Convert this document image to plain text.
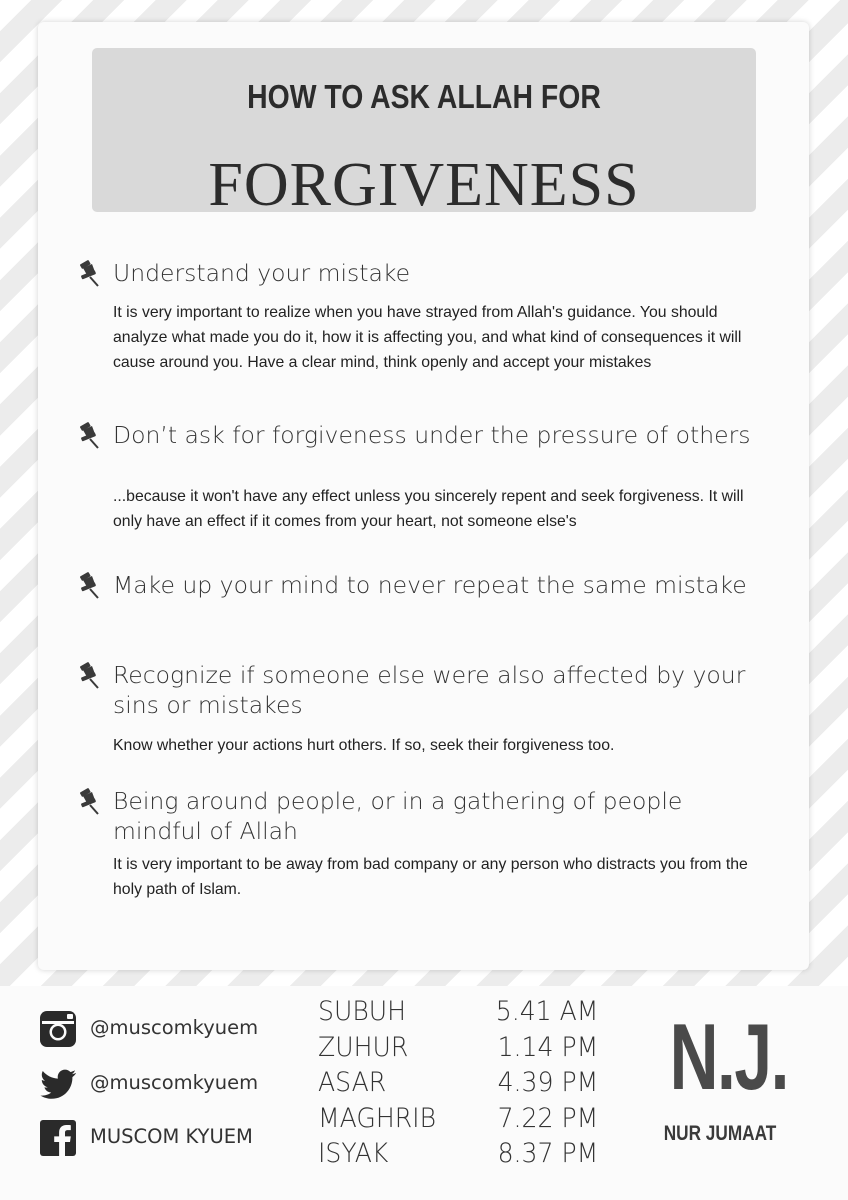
HOW TO ASK ALLAH FOR
FORGIVENESS
Understand your mistake
It is very important to realize when you have strayed from Allah's guidance. You should analyze what made you do it, how it is affecting you, and what kind of consequences it will cause around you. Have a clear mind, think openly and accept your mistakes
Don’t ask for forgiveness under the pressure of others
...because it won't have any effect unless you sincerely repent and seek forgiveness. It will only have an effect if it comes from your heart, not someone else's
Make up your mind to never repeat the same mistake
Recognize if someone else were also affected by your sins or mistakes
Know whether your actions hurt others. If so, seek their forgiveness too.
Being around people, or in a gathering of people mindful of Allah
It is very important to be away from bad company or any person who distracts you from the holy path of Islam.
@muscomkyuem
@muscomkyuem
MUSCOM KYUEM
SUBUH	5.41 AM
ZUHUR	1.14 PM
ASAR	4.39 PM
MAGHRIB 7.22 PM
ISYAK	8.37 PM
N.J.
NUR JUMAAT
